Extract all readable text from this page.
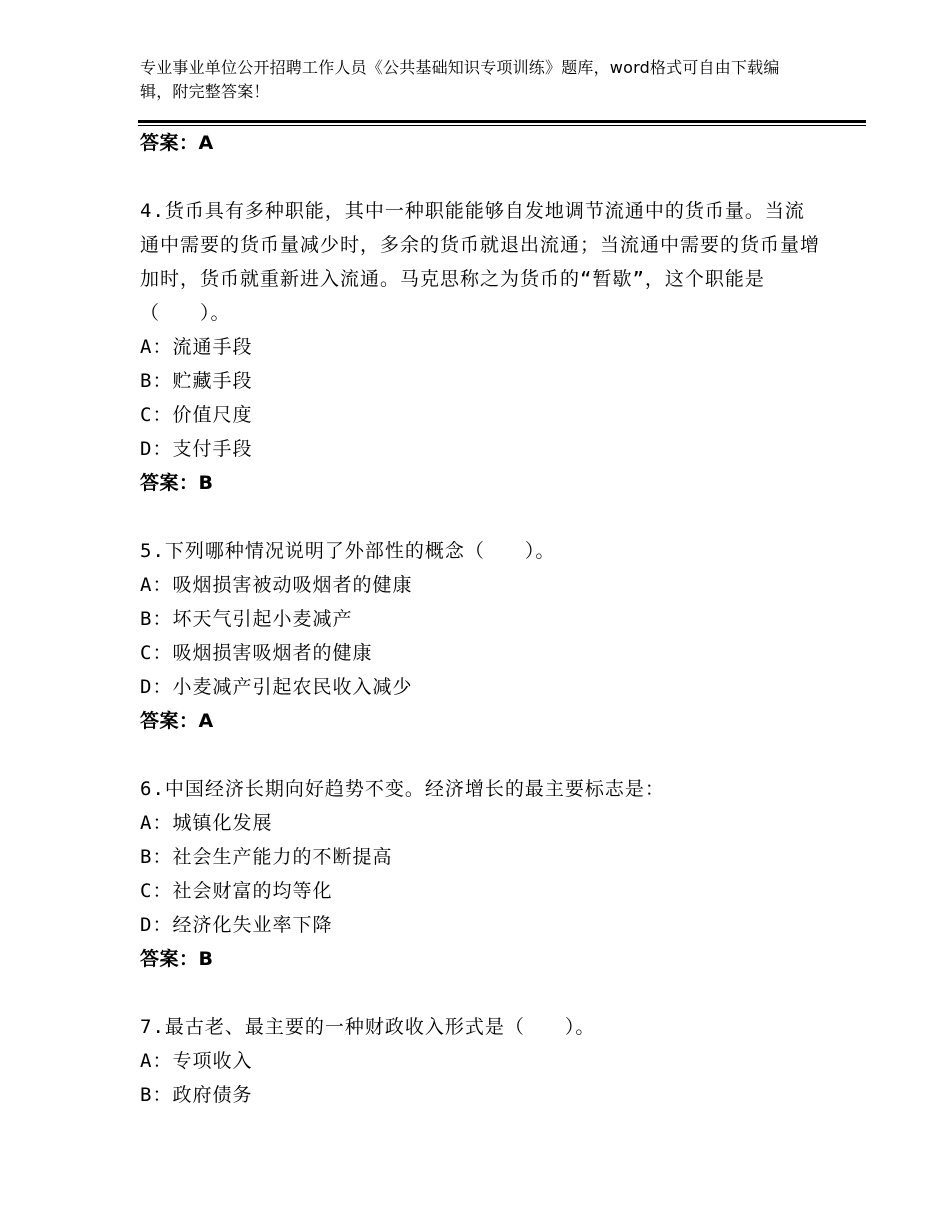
专业事业单位公开招聘工作人员《公共基础知识专项训练》题库，word格式可自由下载编辑，附完整答案！
答案：A
4.货币具有多种职能，其中一种职能能够自发地调节流通中的货币量。当流通中需要的货币量减少时，多余的货币就退出流通；当流通中需要的货币量增加时，货币就重新进入流通。马克思称之为货币的“暂歇”，这个职能是（　　）。
A：流通手段
B：贮藏手段
C：价值尺度
D：支付手段
答案：B
5.下列哪种情况说明了外部性的概念（　　）。
A：吸烟损害被动吸烟者的健康
B：坏天气引起小麦减产
C：吸烟损害吸烟者的健康
D：小麦减产引起农民收入减少
答案：A
6.中国经济长期向好趋势不变。经济增长的最主要标志是：
A：城镇化发展
B：社会生产能力的不断提高
C：社会财富的均等化
D：经济化失业率下降
答案：B
7.最古老、最主要的一种财政收入形式是（　　）。
A：专项收入
B：政府债务
